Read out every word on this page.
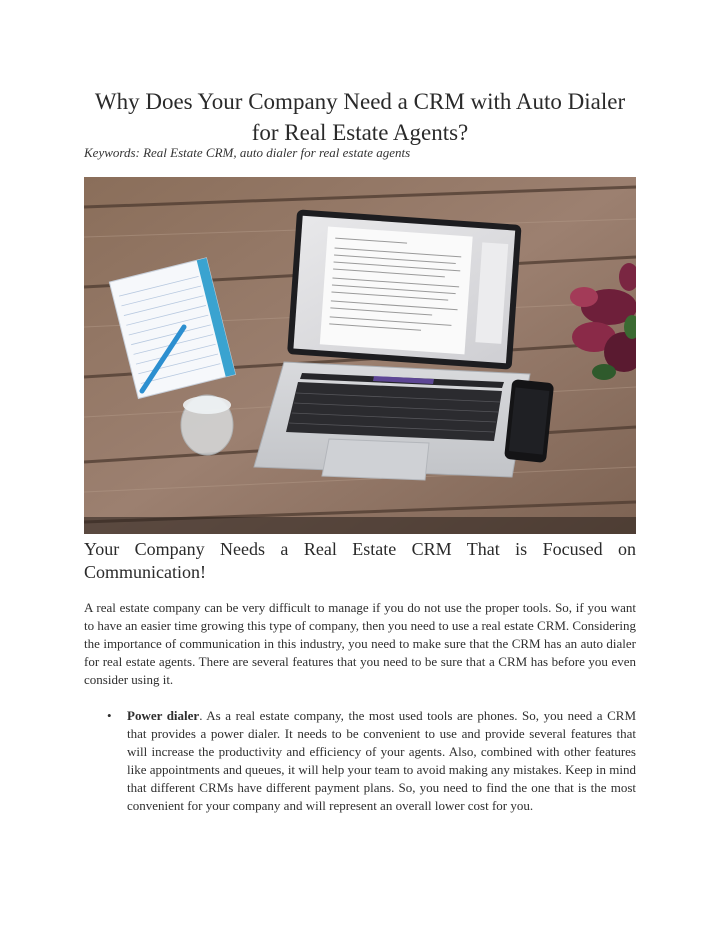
Why Does Your Company Need a CRM with Auto Dialer for Real Estate Agents?
Keywords: Real Estate CRM, auto dialer for real estate agents
Your Company Needs a Real Estate CRM That is Focused on Communication!
A real estate company can be very difficult to manage if you do not use the proper tools. So, if you want to have an easier time growing this type of company, then you need to use a real estate CRM. Considering the importance of communication in this industry, you need to make sure that the CRM has an auto dialer for real estate agents. There are several features that you need to be sure that a CRM has before you even consider using it.
• Power dialer. As a real estate company, the most used tools are phones. So, you need a CRM that provides a power dialer. It needs to be convenient to use and provide several features that will increase the productivity and efficiency of your agents. Also, combined with other features like appointments and queues, it will help your team to avoid making any mistakes. Keep in mind that different CRMs have different payment plans. So, you need to find the one that is the most convenient for your company and will represent an overall lower cost for you.
